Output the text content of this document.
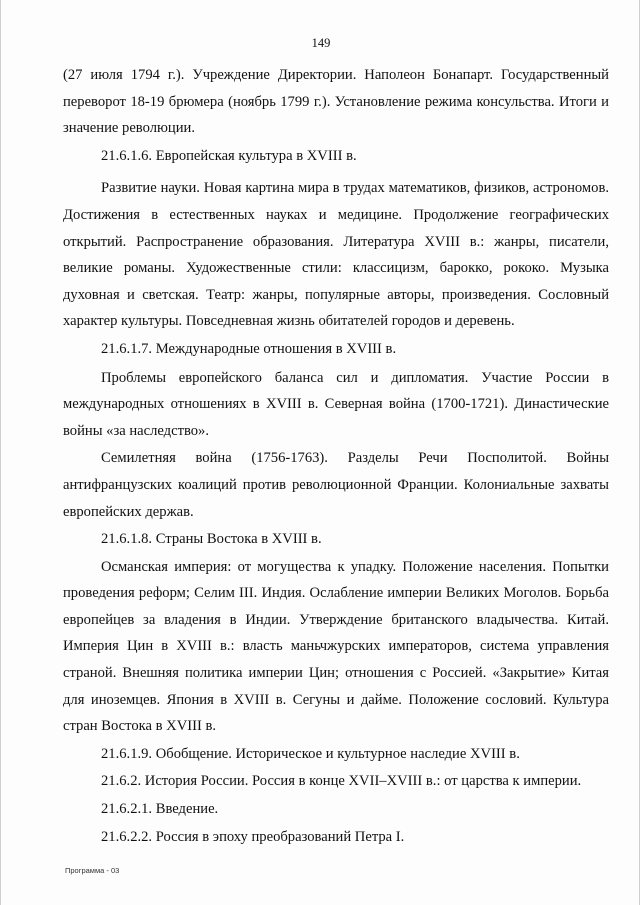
149

(27 июля 1794 г.). Учреждение Директории. Наполеон Бонапарт. Государственный переворот 18-19 брюмера (ноябрь 1799 г.). Установление режима консульства. Итоги и значение революции.

21.6.1.6. Европейская культура в XVIII в.

Развитие науки. Новая картина мира в трудах математиков, физиков, астрономов. Достижения в естественных науках и медицине. Продолжение географических открытий. Распространение образования. Литература XVIII в.: жанры, писатели, великие романы. Художественные стили: классицизм, барокко, рококо. Музыка духовная и светская. Театр: жанры, популярные авторы, произведения. Сословный характер культуры. Повседневная жизнь обитателей городов и деревень.

21.6.1.7. Международные отношения в XVIII в.

Проблемы европейского баланса сил и дипломатия. Участие России в международных отношениях в XVIII в. Северная война (1700-1721). Династические войны «за наследство».

Семилетняя война (1756-1763). Разделы Речи Посполитой. Войны антифранцузских коалиций против революционной Франции. Колониальные захваты европейских держав.

21.6.1.8. Страны Востока в XVIII в.

Османская империя: от могущества к упадку. Положение населения. Попытки проведения реформ; Селим III. Индия. Ослабление империи Великих Моголов. Борьба европейцев за владения в Индии. Утверждение британского владычества. Китай. Империя Цин в XVIII в.: власть маньчжурских императоров, система управления страной. Внешняя политика империи Цин; отношения с Россией. «Закрытие» Китая для иноземцев. Япония в XVIII в. Сегуны и дайме. Положение сословий. Культура стран Востока в XVIII в.

21.6.1.9. Обобщение. Историческое и культурное наследие XVIII в.

21.6.2. История России. Россия в конце XVII–XVIII в.: от царства к империи.

21.6.2.1. Введение.

21.6.2.2. Россия в эпоху преобразований Петра I.

Программа - 03
